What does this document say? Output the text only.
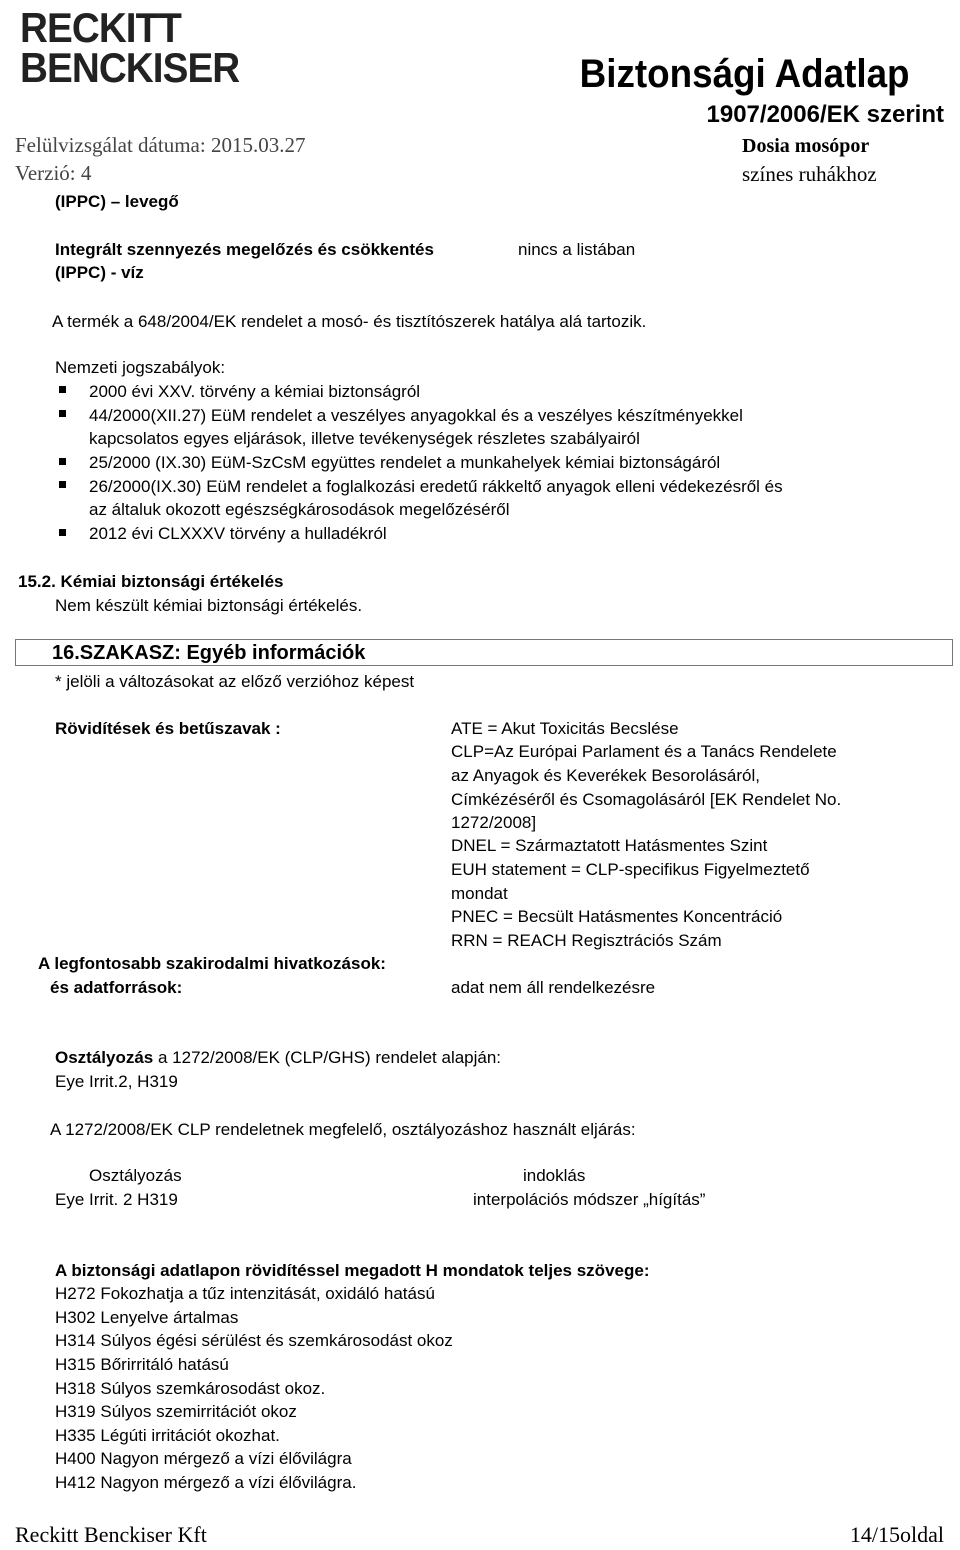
RECKITT
BENCKISER	Biztonsági Adatlap
1907/2006/EK szerint
Dosia mosópor
színes ruhákhoz
Felülvizsgálat dátuma: 2015.03.27
Verzió: 4
(IPPC) – levegő
Integrált szennyezés megelőzés és csökkentés	nincs a listában
(IPPC) - víz
A termék a 648/2004/EK rendelet a mosó- és tisztítószerek hatálya alá tartozik.
Nemzeti jogszabályok:
2000 évi XXV. törvény a kémiai biztonságról
44/2000(XII.27) EüM rendelet a veszélyes anyagokkal és a veszélyes készítményekkel
kapcsolatos egyes eljárások, illetve tevékenységek részletes szabályairól
25/2000 (IX.30) EüM-SzCsM együttes rendelet a munkahelyek kémiai biztonságáról
26/2000(IX.30) EüM rendelet a foglalkozási eredetű rákkeltő anyagok elleni védekezésről és
az általuk okozott egészségkárosodások megelőzéséről
2012 évi CLXXXV törvény a hulladékról
15.2. Kémiai biztonsági értékelés
Nem készült kémiai biztonsági értékelés.
16.SZAKASZ: Egyéb információk
* jelöli a változásokat az előző verzióhoz képest
Rövidítések és betűszavak :	ATE = Akut Toxicitás Becslése
CLP=Az Európai Parlament és a Tanács Rendelete
az Anyagok és Keverékek Besorolásáról,
Címkézéséről és Csomagolásáról [EK Rendelet No.
1272/2008]
DNEL = Származtatott Hatásmentes Szint
EUH statement = CLP-specifikus Figyelmeztető
mondat
PNEC = Becsült Hatásmentes Koncentráció
RRN = REACH Regisztrációs Szám
A legfontosabb szakirodalmi hivatkozások:
és adatforrások:	adat nem áll rendelkezésre
Osztályozás a 1272/2008/EK (CLP/GHS) rendelet alapján:
Eye Irrit.2, H319
A 1272/2008/EK CLP rendeletnek megfelelő, osztályozáshoz használt eljárás:
Osztályozás	indoklás
Eye Irrit. 2 H319	interpolációs módszer „hígítás”
A biztonsági adatlapon rövidítéssel megadott H mondatok teljes szövege:
H272 Fokozhatja a tűz intenzitását, oxidáló hatású
H302 Lenyelve ártalmas
H314 Súlyos égési sérülést és szemkárosodást okoz
H315 Bőrirritáló hatású
H318 Súlyos szemkárosodást okoz.
H319 Súlyos szemirritációt okoz
H335 Légúti irritációt okozhat.
H400 Nagyon mérgező a vízi élővilágra
H412 Nagyon mérgező a vízi élővilágra.
Reckitt Benckiser Kft	14/15oldal
